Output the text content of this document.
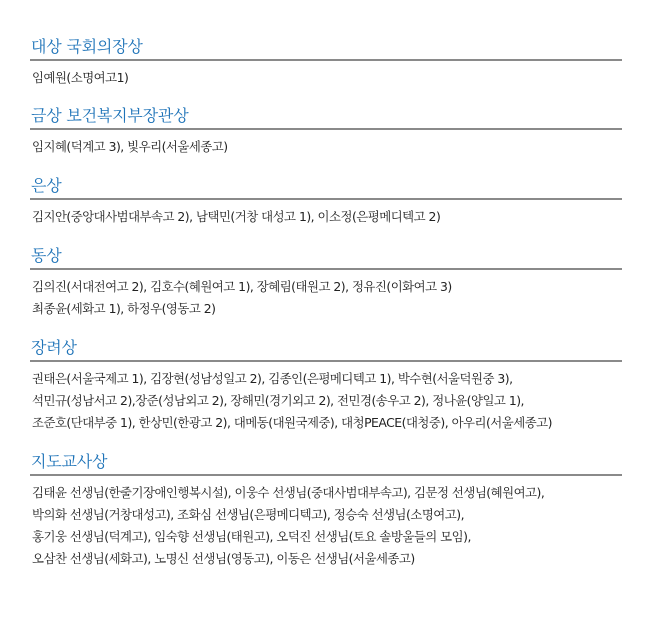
대상 국회의장상

임예원(소명여고1)

금상 보건복지부장관상

임지혜(덕계고 3), 빛우리(서울세종고)

은상

김지안(중앙대사범대부속고 2), 남택민(거창 대성고 1), 이소정(은평메디텍고 2)

동상

김의진(서대전여고 2), 김호수(혜원여고 1), 장혜림(태원고 2), 정유진(이화여고 3)

최종윤(세화고 1), 하정우(영동고 2)

장려상

권태은(서울국제고 1), 김장현(성남성일고 2), 김종인(은평메디텍고 1), 박수현(서울덕원중 3),

석민규(성남서고 2),장준(성남외고 2), 장해민(경기외고 2), 전민경(송우고 2), 정나윤(양일고 1),

조준호(단대부중 1), 한상민(한광고 2), 대메동(대원국제중), 대청PEACE(대청중), 아우리(서울세종고)

지도교사상

김태윤 선생님(한줄기장애인행복시설), 이웅수 선생님(중대사범대부속고), 김문정 선생님(혜원여고),

박의화 선생님(거창대성고), 조화심 선생님(은평메디텍고), 정승숙 선생님(소명여고),

홍기웅 선생님(덕계고), 임숙향 선생님(태원고), 오덕진 선생님(토요 솔방울들의 모임),

오삼찬 선생님(세화고), 노명신 선생님(영동고), 이동은 선생님(서울세종고)
